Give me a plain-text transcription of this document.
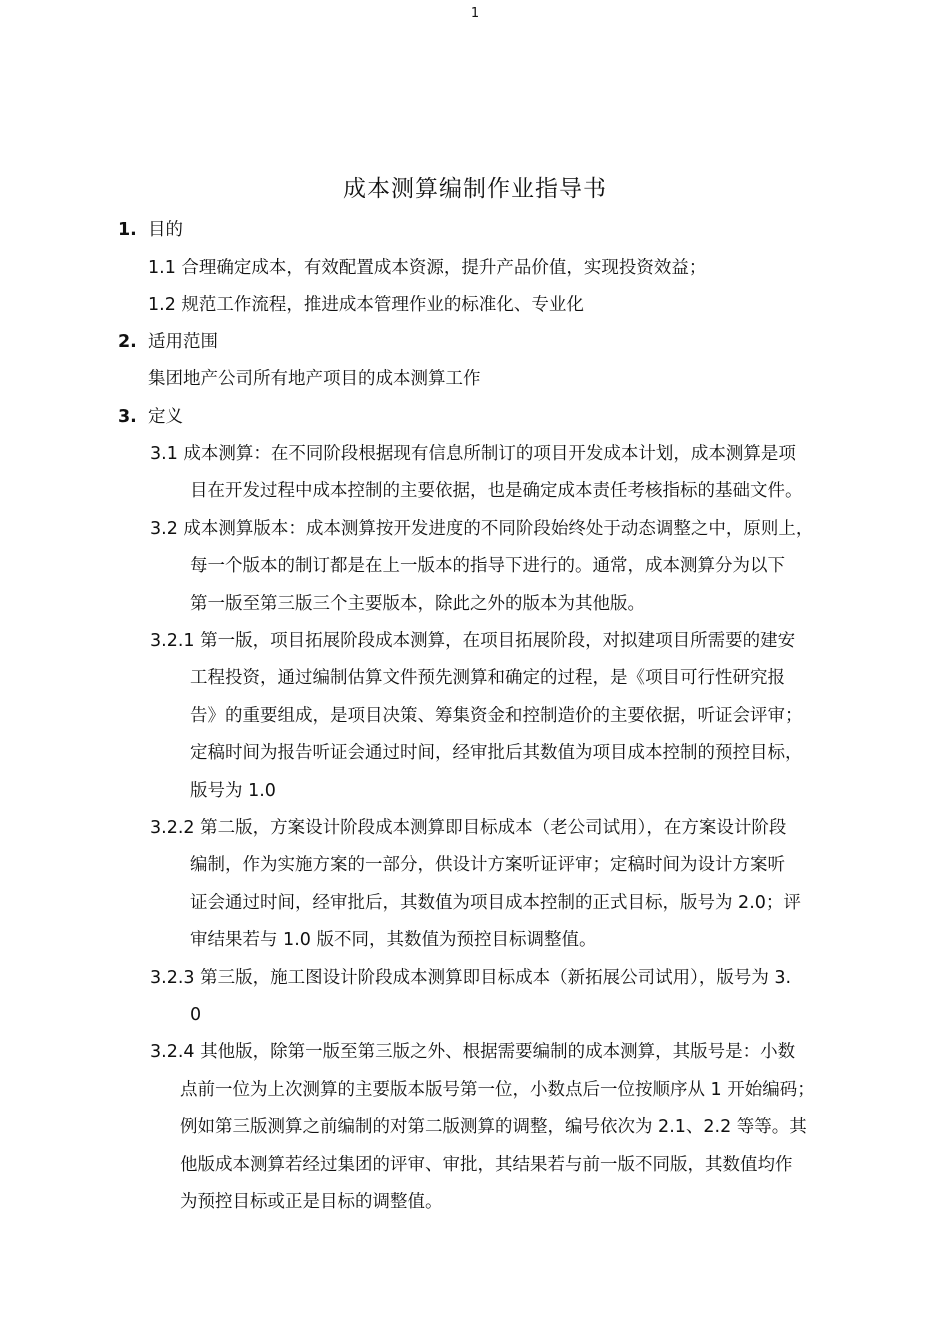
1
成本测算编制作业指导书
1. 目的
1.1 合理确定成本，有效配置成本资源，提升产品价值，实现投资效益；
1.2 规范工作流程，推进成本管理作业的标准化、专业化
2. 适用范围
集团地产公司所有地产项目的成本测算工作
3. 定义
3.1 成本测算：在不同阶段根据现有信息所制订的项目开发成本计划，成本测算是项
目在开发过程中成本控制的主要依据，也是确定成本责任考核指标的基础文件。
3.2 成本测算版本：成本测算按开发进度的不同阶段始终处于动态调整之中，原则上，
每一个版本的制订都是在上一版本的指导下进行的。通常，成本测算分为以下
第一版至第三版三个主要版本，除此之外的版本为其他版。
3.2.1 第一版，项目拓展阶段成本测算，在项目拓展阶段，对拟建项目所需要的建安
工程投资，通过编制估算文件预先测算和确定的过程，是《项目可行性研究报
告》的重要组成，是项目决策、筹集资金和控制造价的主要依据，听证会评审；
定稿时间为报告听证会通过时间，经审批后其数值为项目成本控制的预控目标，
版号为 1.0
3.2.2 第二版，方案设计阶段成本测算即目标成本（老公司试用），在方案设计阶段
编制，作为实施方案的一部分，供设计方案听证评审；定稿时间为设计方案听
证会通过时间，经审批后，其数值为项目成本控制的正式目标，版号为 2.0；评
审结果若与 1.0 版不同，其数值为预控目标调整值。
3.2.3 第三版，施工图设计阶段成本测算即目标成本（新拓展公司试用），版号为 3.
0
3.2.4 其他版，除第一版至第三版之外、根据需要编制的成本测算，其版号是：小数
点前一位为上次测算的主要版本版号第一位，小数点后一位按顺序从 1 开始编码；
例如第三版测算之前编制的对第二版测算的调整，编号依次为 2.1、2.2 等等。其
他版成本测算若经过集团的评审、审批，其结果若与前一版不同版，其数值均作
为预控目标或正是目标的调整值。
